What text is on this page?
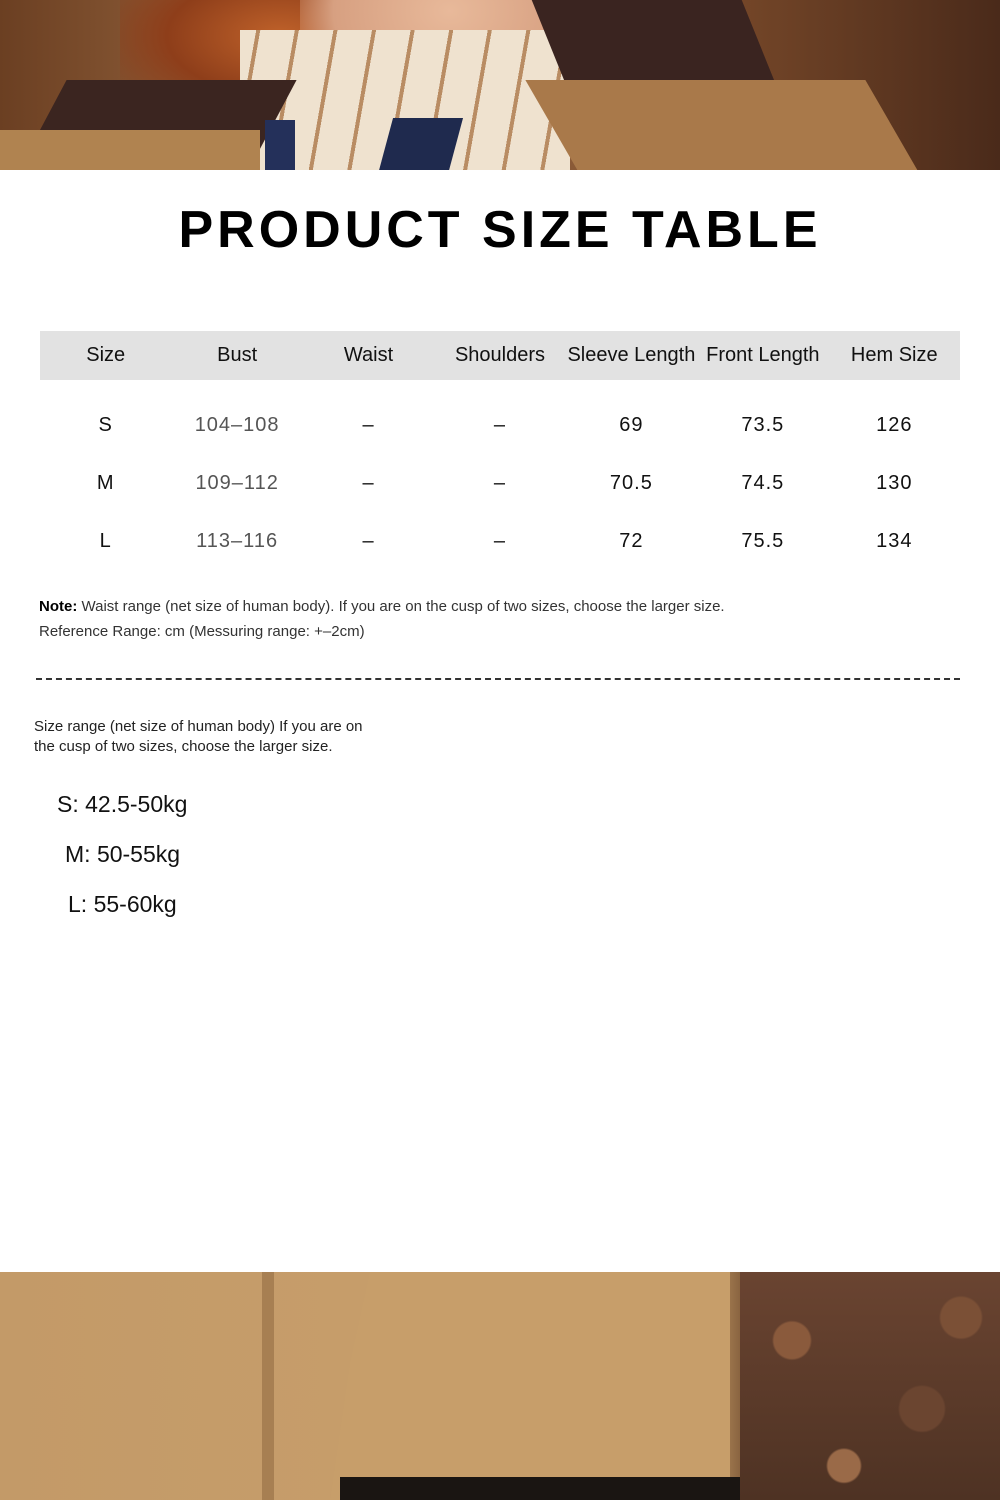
PRODUCT SIZE TABLE
Size	Bust	Waist	Shoulders	Sleeve Length	Front Length	Hem Size
S	104–108	–	–	69	73.5	126
M	109–112	–	–	70.5	74.5	130
L	113–116	–	–	72	75.5	134
Note: Waist range (net size of human body). If you are on the cusp of two sizes, choose the larger size.
Reference Range: cm (Messuring range: +–2cm)
Size range (net size of human body) If you are on the cusp of two sizes, choose the larger size.
S: 42.5-50kg
M: 50-55kg
L: 55-60kg
